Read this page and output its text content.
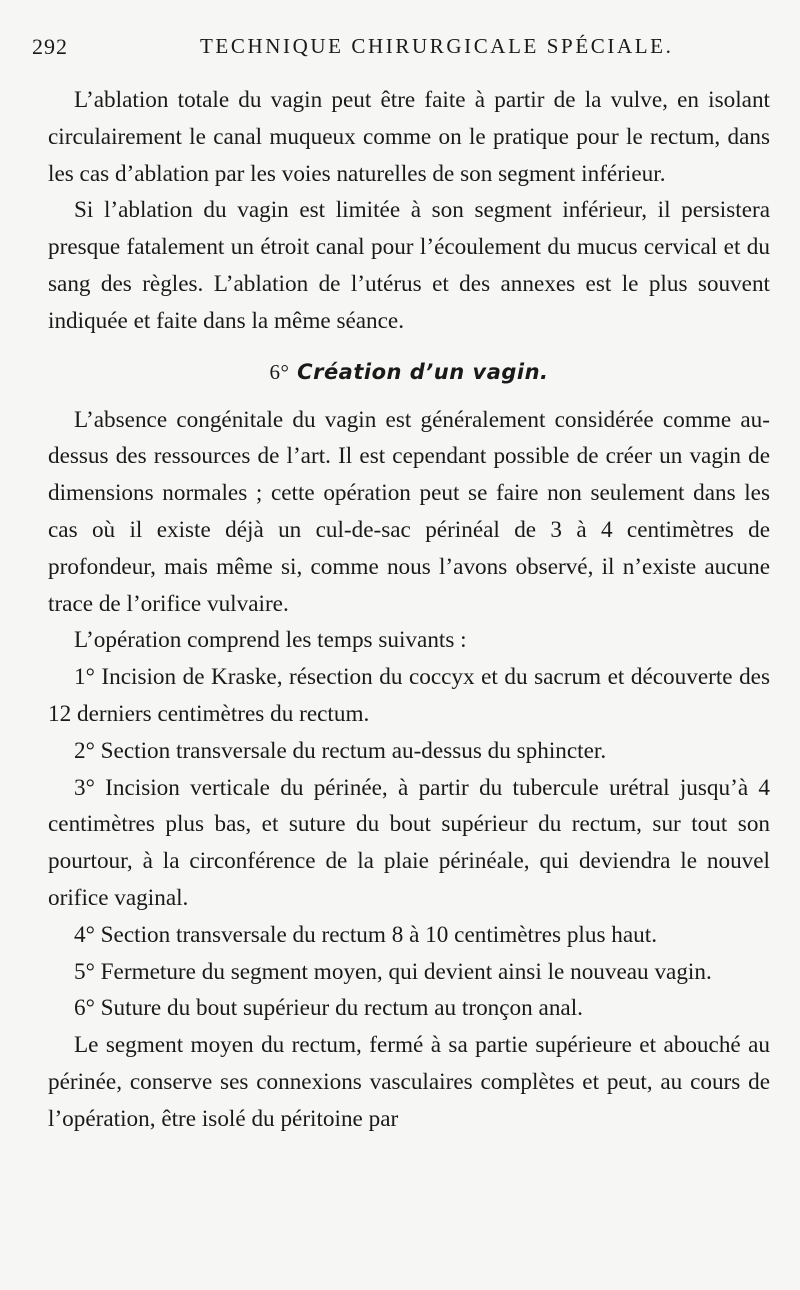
292	TECHNIQUE CHIRURGICALE SPÉCIALE.

L’ablation totale du vagin peut être faite à partir de la vulve, en isolant circulairement le canal muqueux comme on le pratique pour le rectum, dans les cas d’ablation par les voies naturelles de son segment inférieur.

Si l’ablation du vagin est limitée à son segment inférieur, il persistera presque fatalement un étroit canal pour l’écoulement du mucus cervical et du sang des règles. L’ablation de l’utérus et des annexes est le plus souvent indiquée et faite dans la même séance.

6° Création d’un vagin.

L’absence congénitale du vagin est généralement considérée comme au-dessus des ressources de l’art. Il est cependant possible de créer un vagin de dimensions normales ; cette opération peut se faire non seulement dans les cas où il existe déjà un cul-de-sac périnéal de 3 à 4 centimètres de profondeur, mais même si, comme nous l’avons observé, il n’existe aucune trace de l’orifice vulvaire.

L’opération comprend les temps suivants :

1° Incision de Kraske, résection du coccyx et du sacrum et découverte des 12 derniers centimètres du rectum.

2° Section transversale du rectum au-dessus du sphincter.

3° Incision verticale du périnée, à partir du tubercule urétral jusqu’à 4 centimètres plus bas, et suture du bout supérieur du rectum, sur tout son pourtour, à la circonférence de la plaie périnéale, qui deviendra le nouvel orifice vaginal.

4° Section transversale du rectum 8 à 10 centimètres plus haut.

5° Fermeture du segment moyen, qui devient ainsi le nouveau vagin.

6° Suture du bout supérieur du rectum au tronçon anal.

Le segment moyen du rectum, fermé à sa partie supérieure et abouché au périnée, conserve ses connexions vasculaires complètes et peut, au cours de l’opération, être isolé du péritoine par
